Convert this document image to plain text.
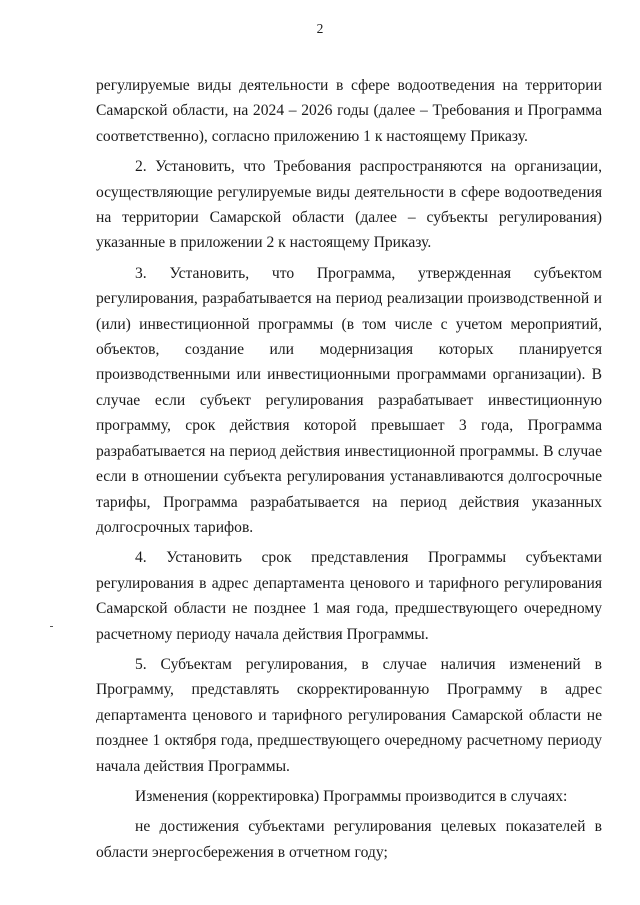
2

регулируемые виды деятельности в сфере водоотведения на территории Самарской области, на 2024 – 2026 годы (далее – Требования и Программа соответственно), согласно приложению 1 к настоящему Приказу.

2. Установить, что Требования распространяются на организации, осуществляющие регулируемые виды деятельности в сфере водоотведения на территории Самарской области (далее – субъекты регулирования) указанные в приложении 2 к настоящему Приказу.

3. Установить, что Программа, утвержденная субъектом регулирования, разрабатывается на период реализации производственной и (или) инвестиционной программы (в том числе с учетом мероприятий, объектов, создание или модернизация которых планируется производственными или инвестиционными программами организации). В случае если субъект регулирования разрабатывает инвестиционную программу, срок действия которой превышает 3 года, Программа разрабатывается на период действия инвестиционной программы. В случае если в отношении субъекта регулирования устанавливаются долгосрочные тарифы, Программа разрабатывается на период действия указанных долгосрочных тарифов.

4. Установить срок представления Программы субъектами регулирования в адрес департамента ценового и тарифного регулирования Самарской области не позднее 1 мая года, предшествующего очередному расчетному периоду начала действия Программы.

5. Субъектам регулирования, в случае наличия изменений в Программу, представлять скорректированную Программу в адрес департамента ценового и тарифного регулирования Самарской области не позднее 1 октября года, предшествующего очередному расчетному периоду начала действия Программы.

Изменения (корректировка) Программы производится в случаях:

не достижения субъектами регулирования целевых показателей в области энергосбережения в отчетном году;
